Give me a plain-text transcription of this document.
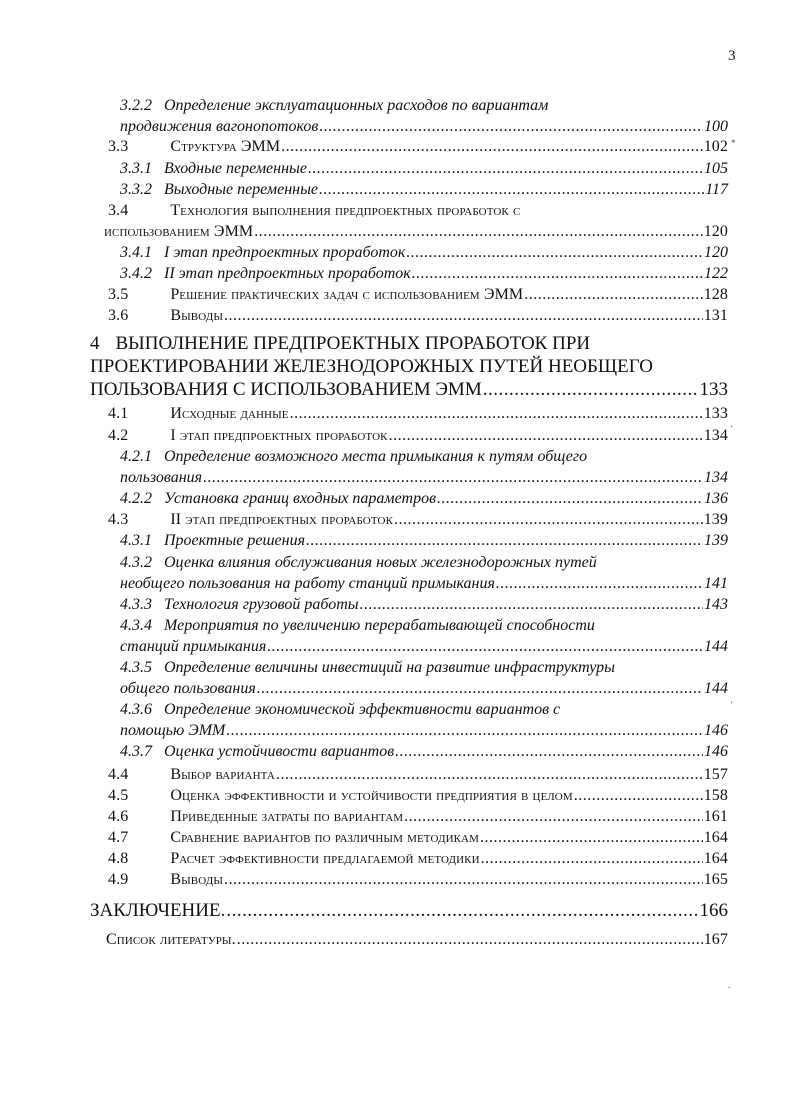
3
3.2.2 Определение эксплуатационных расходов по вариантам
продвижения вагонопотоков .....	100
3.3	Структура ЭММ .....	102
3.3.1 Входные переменные .....	105
3.3.2 Выходные переменные .....	117
3.4	Технология выполнения предпроектных проработок с
использованием ЭММ .....	120
3.4.1 I этап предпроектных проработок .....	120
3.4.2 II этап предпроектных проработок .....	122
3.5	Решение практических задач с использованием ЭММ .....	128
3.6	Выводы .....	131
4 ВЫПОЛНЕНИЕ ПРЕДПРОЕКТНЫХ ПРОРАБОТОК ПРИ
ПРОЕКТИРОВАНИИ ЖЕЛЕЗНОДОРОЖНЫХ ПУТЕЙ НЕОБЩЕГО
ПОЛЬЗОВАНИЯ С ИСПОЛЬЗОВАНИЕМ ЭММ .....	133
4.1	Исходные данные .....	133
4.2	I этап предпроектных проработок .....	134
4.2.1 Определение возможного места примыкания к путям общего
пользования .....	134
4.2.2 Установка границ входных параметров .....	136
4.3	II этап предпроектных проработок .....	139
4.3.1 Проектные решения .....	139
4.3.2 Оценка влияния обслуживания новых железнодорожных путей
необщего пользования на работу станций примыкания .....	141
4.3.3 Технология грузовой работы .....	143
4.3.4 Мероприятия по увеличению перерабатывающей способности
станций примыкания .....	144
4.3.5 Определение величины инвестиций на развитие инфраструктуры
общего пользования .....	144
4.3.6 Определение экономической эффективности вариантов с
помощью ЭММ .....	146
4.3.7 Оценка устойчивости вариантов .....	146
4.4	Выбор варианта .....	157
4.5	Оценка эффективности и устойчивости предприятия в целом .....	158
4.6	Приведенные затраты по вариантам .....	161
4.7	Сравнение вариантов по различным методикам .....	164
4.8	Расчет эффективности предлагаемой методики .....	164
4.9	Выводы .....	165
ЗАКЛЮЧЕНИЕ. .....	166
Список литературы. .....	167
*
'
'
.
